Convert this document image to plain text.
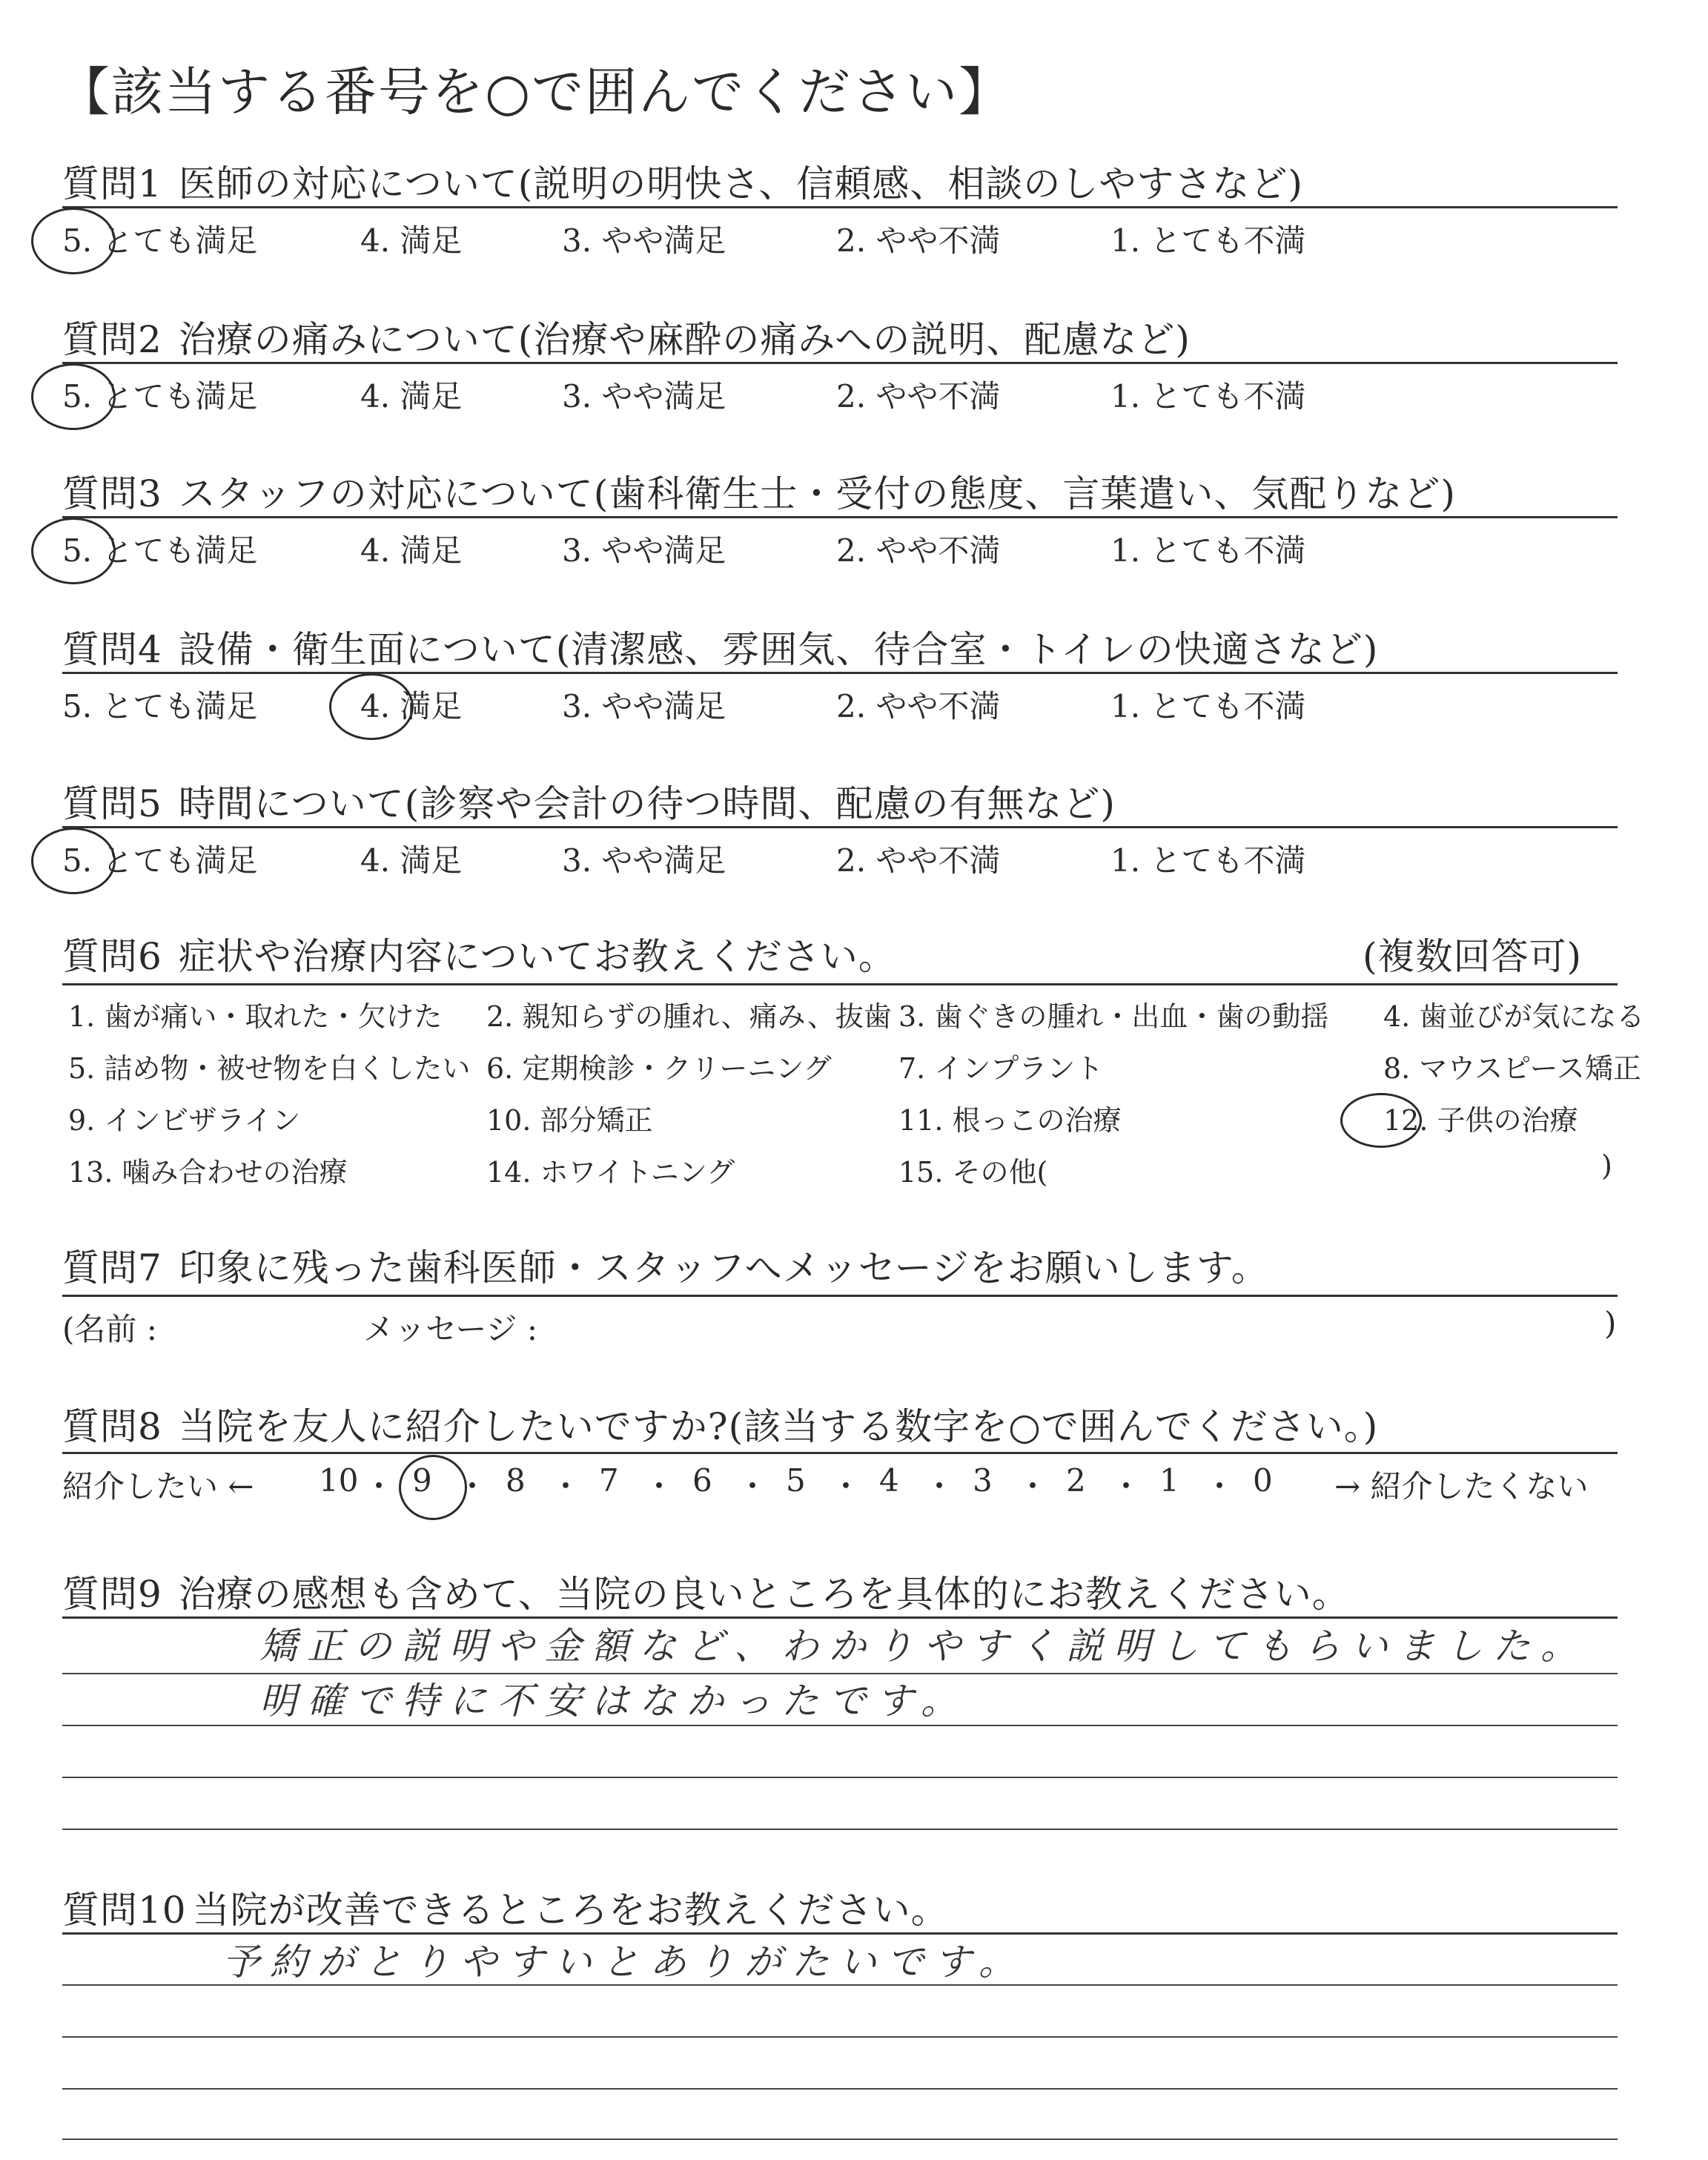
【該当する番号を○で囲んでください】
質問1 医師の対応について(説明の明快さ、信頼感、相談のしやすさなど)
5. とても満足	4. 満足	3. やや満足	2. やや不満	1. とても不満
質問2 治療の痛みについて(治療や麻酔の痛みへの説明、配慮など)
5. とても満足	4. 満足	3. やや満足	2. やや不満	1. とても不満
質問3 スタッフの対応について(歯科衛生士・受付の態度、言葉遣い、気配りなど)
5. とても満足	4. 満足	3. やや満足	2. やや不満	1. とても不満
質問4 設備・衛生面について(清潔感、雰囲気、待合室・トイレの快適さなど)
5. とても満足	4. 満足	3. やや満足	2. やや不満	1. とても不満
質問5 時間について(診察や会計の待つ時間、配慮の有無など)
5. とても満足	4. 満足	3. やや満足	2. やや不満	1. とても不満
質問6 症状や治療内容についてお教えください。	(複数回答可)
1. 歯が痛い・取れた・欠けた 2. 親知らずの腫れ、痛み、抜歯 3. 歯ぐきの腫れ・出血・歯の動揺 4. 歯並びが気になる
5. 詰め物・被せ物を白くしたい 6. 定期検診・クリーニング 7. インプラント	8. マウスピース矯正
9. インビザライン	10. 部分矯正	11. 根っこの治療	12. 子供の治療
13. 噛み合わせの治療	14. ホワイトニング	15. その他(	)
質問7 印象に残った歯科医師・スタッフへメッセージをお願いします。
(名前 :	メッセージ :	)
質問8 当院を友人に紹介したいですか?(該当する数字を○で囲んでください。)
紹介したい ←	→ 紹介したくない
10 ・ 9 ・ 8 ・ 7 ・ 6 ・ 5 ・ 4 ・ 3 ・ 2 ・ 1 ・ 0
質問9 治療の感想も含めて、当院の良いところを具体的にお教えください。
矯正の説明や金額など、わかりやすく説明してもらいました。
明確で特に不安はなかったです。
質問10 当院が改善できるところをお教えください。
予約がとりやすいとありがたいです。
